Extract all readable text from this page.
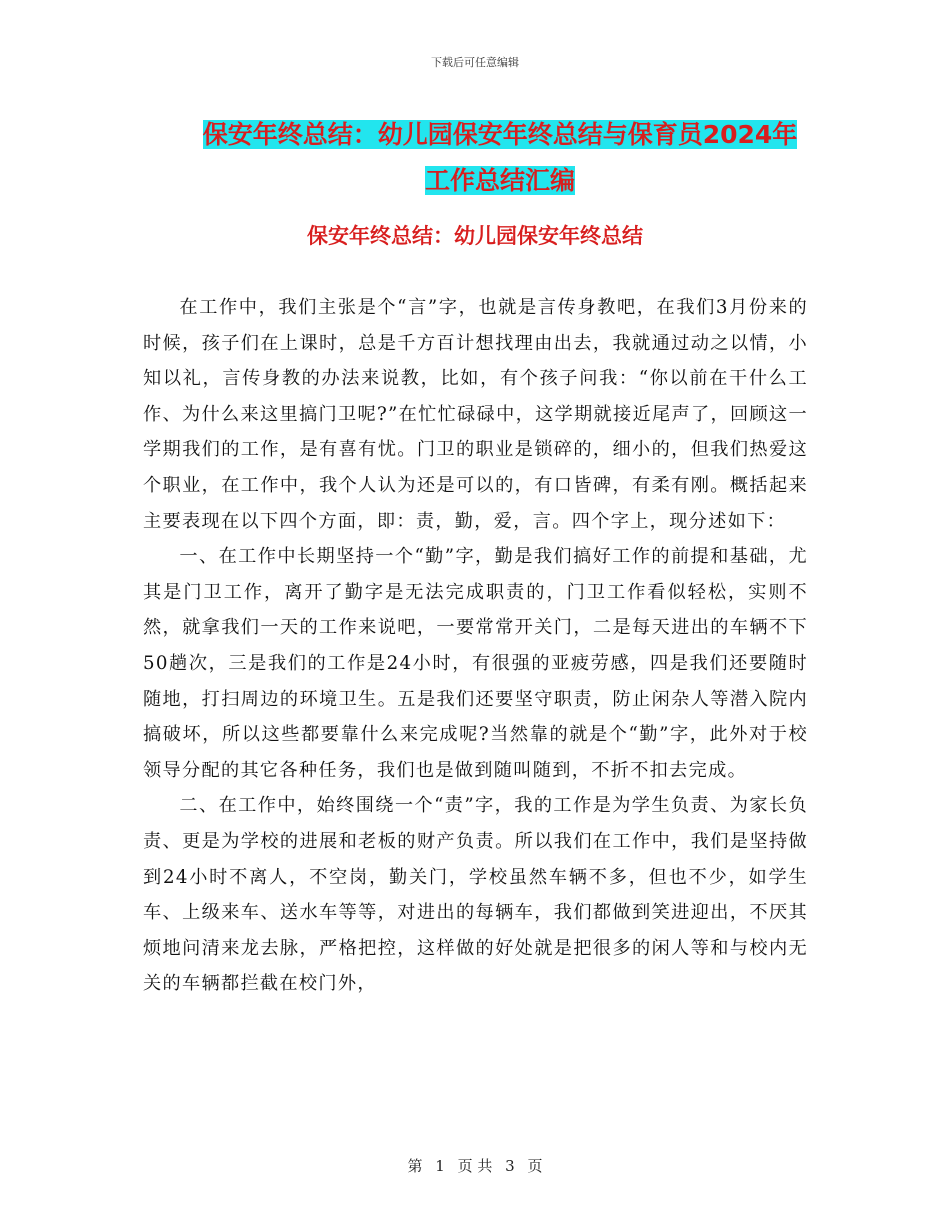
下载后可任意编辑
保安年终总结：幼儿园保安年终总结与保育员2024年
工作总结汇编
保安年终总结：幼儿园保安年终总结

在工作中，我们主张是个“言”字，也就是言传身教吧，在我们3月份来的时候，孩子们在上课时，总是千方百计想找理由出去，我就通过动之以情，小知以礼，言传身教的办法来说教，比如，有个孩子问我：“你以前在干什么工作、为什么来这里搞门卫呢?”在忙忙碌碌中，这学期就接近尾声了，回顾这一学期我们的工作，是有喜有忧。门卫的职业是锁碎的，细小的，但我们热爱这个职业，在工作中，我个人认为还是可以的，有口皆碑，有柔有刚。概括起来主要表现在以下四个方面，即：责，勤，爱，言。四个字上，现分述如下：

一、在工作中长期坚持一个“勤”字，勤是我们搞好工作的前提和基础，尤其是门卫工作，离开了勤字是无法完成职责的，门卫工作看似轻松，实则不然，就拿我们一天的工作来说吧，一要常常开关门，二是每天进出的车辆不下50趟次，三是我们的工作是24小时，有很强的亚疲劳感，四是我们还要随时随地，打扫周边的环境卫生。五是我们还要坚守职责，防止闲杂人等潜入院内搞破坏，所以这些都要靠什么来完成呢?当然靠的就是个“勤”字，此外对于校领导分配的其它各种任务，我们也是做到随叫随到，不折不扣去完成。

二、在工作中，始终围绕一个“责”字，我的工作是为学生负责、为家长负责、更是为学校的进展和老板的财产负责。所以我们在工作中，我们是坚持做到24小时不离人，不空岗，勤关门，学校虽然车辆不多，但也不少，如学生车、上级来车、送水车等等，对进出的每辆车，我们都做到笑进迎出，不厌其烦地问清来龙去脉，严格把控，这样做的好处就是把很多的闲人等和与校内无关的车辆都拦截在校门外，

第 1 页 共 3 页
